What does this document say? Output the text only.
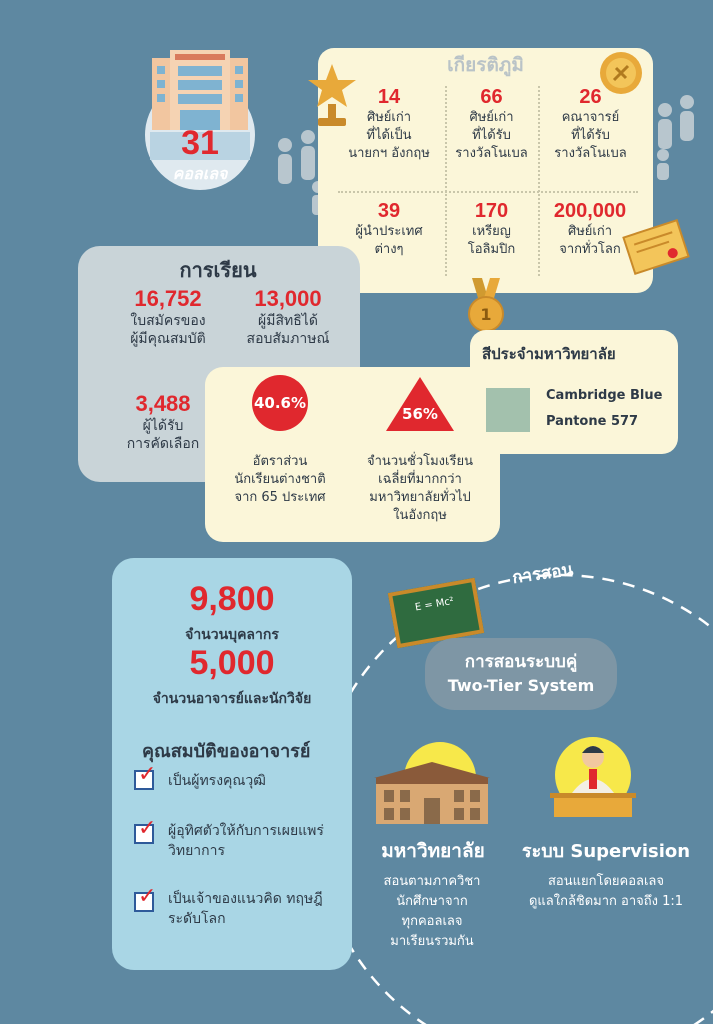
31
คอลเลจ
เกียรติภูมิ
14
ศิษย์เก่า
ที่ได้เป็น
นายกฯ อังกฤษ
66
ศิษย์เก่า
ที่ได้รับ
รางวัลโนเบล
26
คณาจารย์
ที่ได้รับ
รางวัลโนเบล
39
ผู้นำประเทศ
ต่างๆ
170
เหรียญ
โอลิมปิก
200,000
ศิษย์เก่า
จากทั่วโลก
1
การเรียน
16,752
ใบสมัครของ
ผู้มีคุณสมบัติ
13,000
ผู้มีสิทธิได้
สอบสัมภาษณ์
3,488
ผู้ได้รับ
การคัดเลือก
40.6%
อัตราส่วน
นักเรียนต่างชาติ
จาก 65 ประเทศ
56%
จำนวนชั่วโมงเรียน
เฉลี่ยที่มากกว่า
มหาวิทยาลัยทั่วไป
ในอังกฤษ
สีประจำมหาวิทยาลัย
Cambridge Blue
Pantone 577
9,800
จำนวนบุคลากร
5,000
จำนวนอาจารย์และนักวิจัย
คุณสมบัติของอาจารย์
✓ เป็นผู้ทรงคุณวุฒิ
✓ ผู้อุทิศตัวให้กับการเผยแพร่
วิทยาการ
✓ เป็นเจ้าของแนวคิด ทฤษฎี
ระดับโลก
การสอน
E = Mc²
การสอนระบบคู่
Two-Tier System
มหาวิทยาลัย
สอนตามภาควิชา
นักศึกษาจาก
ทุกคอลเลจ
มาเรียนรวมกัน
ระบบ Supervision
สอนแยกโดยคอลเลจ
ดูแลใกล้ชิดมาก อาจถึง 1:1
